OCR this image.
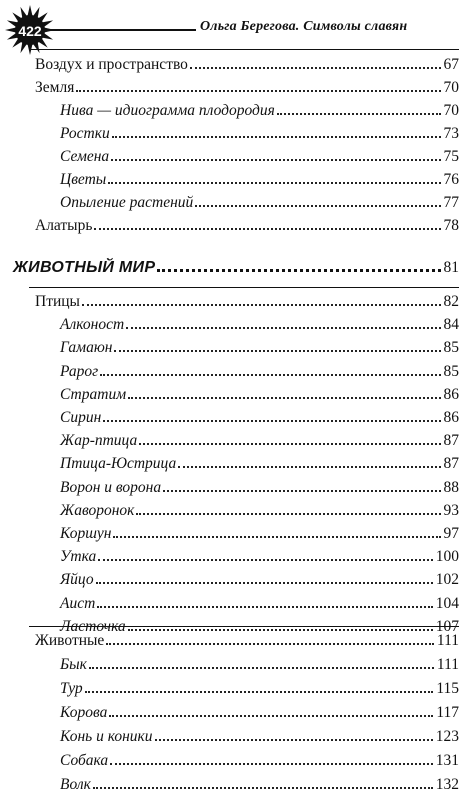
422	Ольга Берегова. Символы славян
Воздух и пространство	67
Земля	70
Нива — идиограмма плодородия	70
Ростки	73
Семена	75
Цветы	76
Опыление растений	77
Алатырь	78
ЖИВОТНЫЙ МИР	81
Птицы	82
Алконост	84
Гамаюн	85
Рарог	85
Стратим	86
Сирин	86
Жар-птица	87
Птица-Юстрица	87
Ворон и ворона	88
Жаворонок	93
Коршун	97
Утка	100
Яйцо	102
Аист	104
Ласточка	107
Животные	111
Бык	111
Тур	115
Корова	117
Конь и коники	123
Собака	131
Волк	132
